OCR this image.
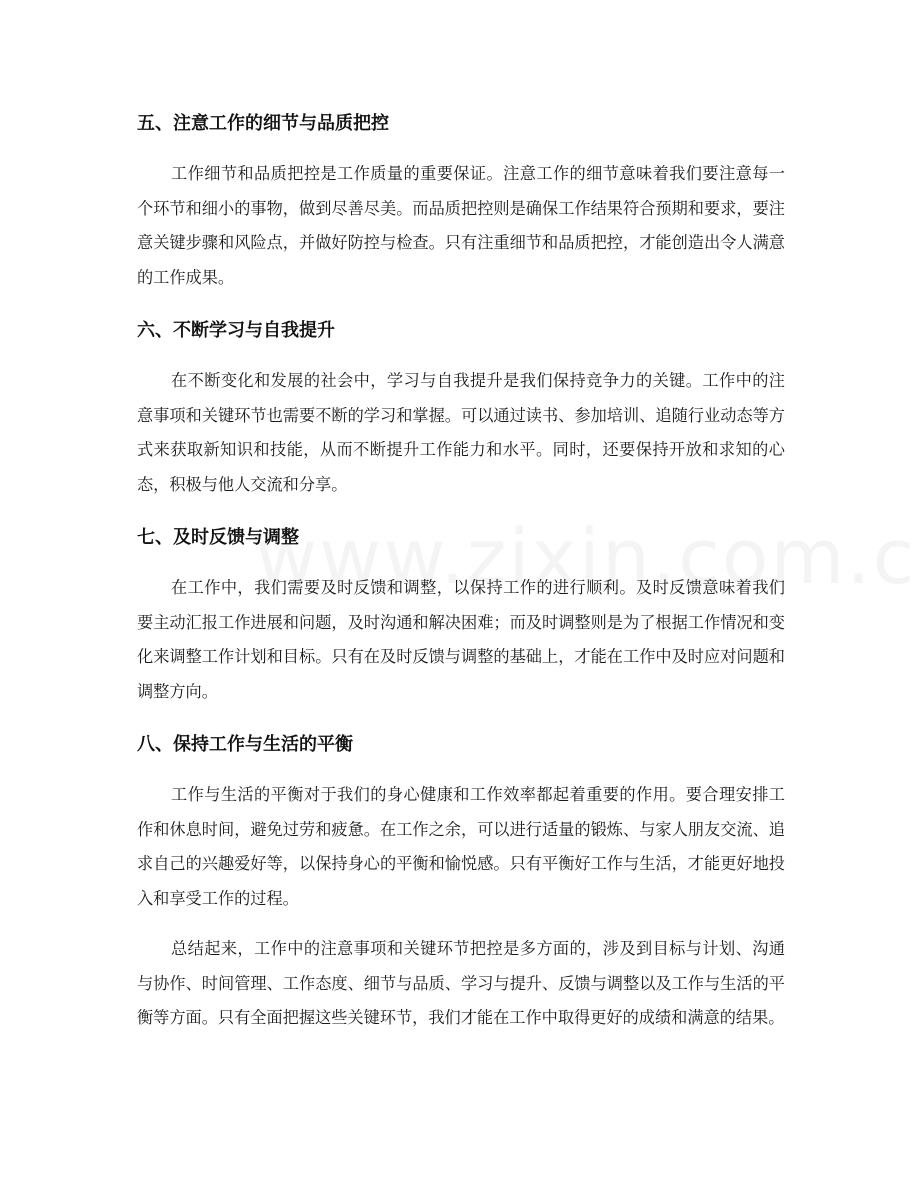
五、注意工作的细节与品质把控

工作细节和品质把控是工作质量的重要保证。注意工作的细节意味着我们要注意每一个环节和细小的事物，做到尽善尽美。而品质把控则是确保工作结果符合预期和要求，要注意关键步骤和风险点，并做好防控与检查。只有注重细节和品质把控，才能创造出令人满意的工作成果。

六、不断学习与自我提升

在不断变化和发展的社会中，学习与自我提升是我们保持竞争力的关键。工作中的注意事项和关键环节也需要不断的学习和掌握。可以通过读书、参加培训、追随行业动态等方式来获取新知识和技能，从而不断提升工作能力和水平。同时，还要保持开放和求知的心态，积极与他人交流和分享。

七、及时反馈与调整

在工作中，我们需要及时反馈和调整，以保持工作的进行顺利。及时反馈意味着我们要主动汇报工作进展和问题，及时沟通和解决困难；而及时调整则是为了根据工作情况和变化来调整工作计划和目标。只有在及时反馈与调整的基础上，才能在工作中及时应对问题和调整方向。

八、保持工作与生活的平衡

工作与生活的平衡对于我们的身心健康和工作效率都起着重要的作用。要合理安排工作和休息时间，避免过劳和疲惫。在工作之余，可以进行适量的锻炼、与家人朋友交流、追求自己的兴趣爱好等，以保持身心的平衡和愉悦感。只有平衡好工作与生活，才能更好地投入和享受工作的过程。

总结起来，工作中的注意事项和关键环节把控是多方面的，涉及到目标与计划、沟通与协作、时间管理、工作态度、细节与品质、学习与提升、反馈与调整以及工作与生活的平衡等方面。只有全面把握这些关键环节，我们才能在工作中取得更好的成绩和满意的结果。
